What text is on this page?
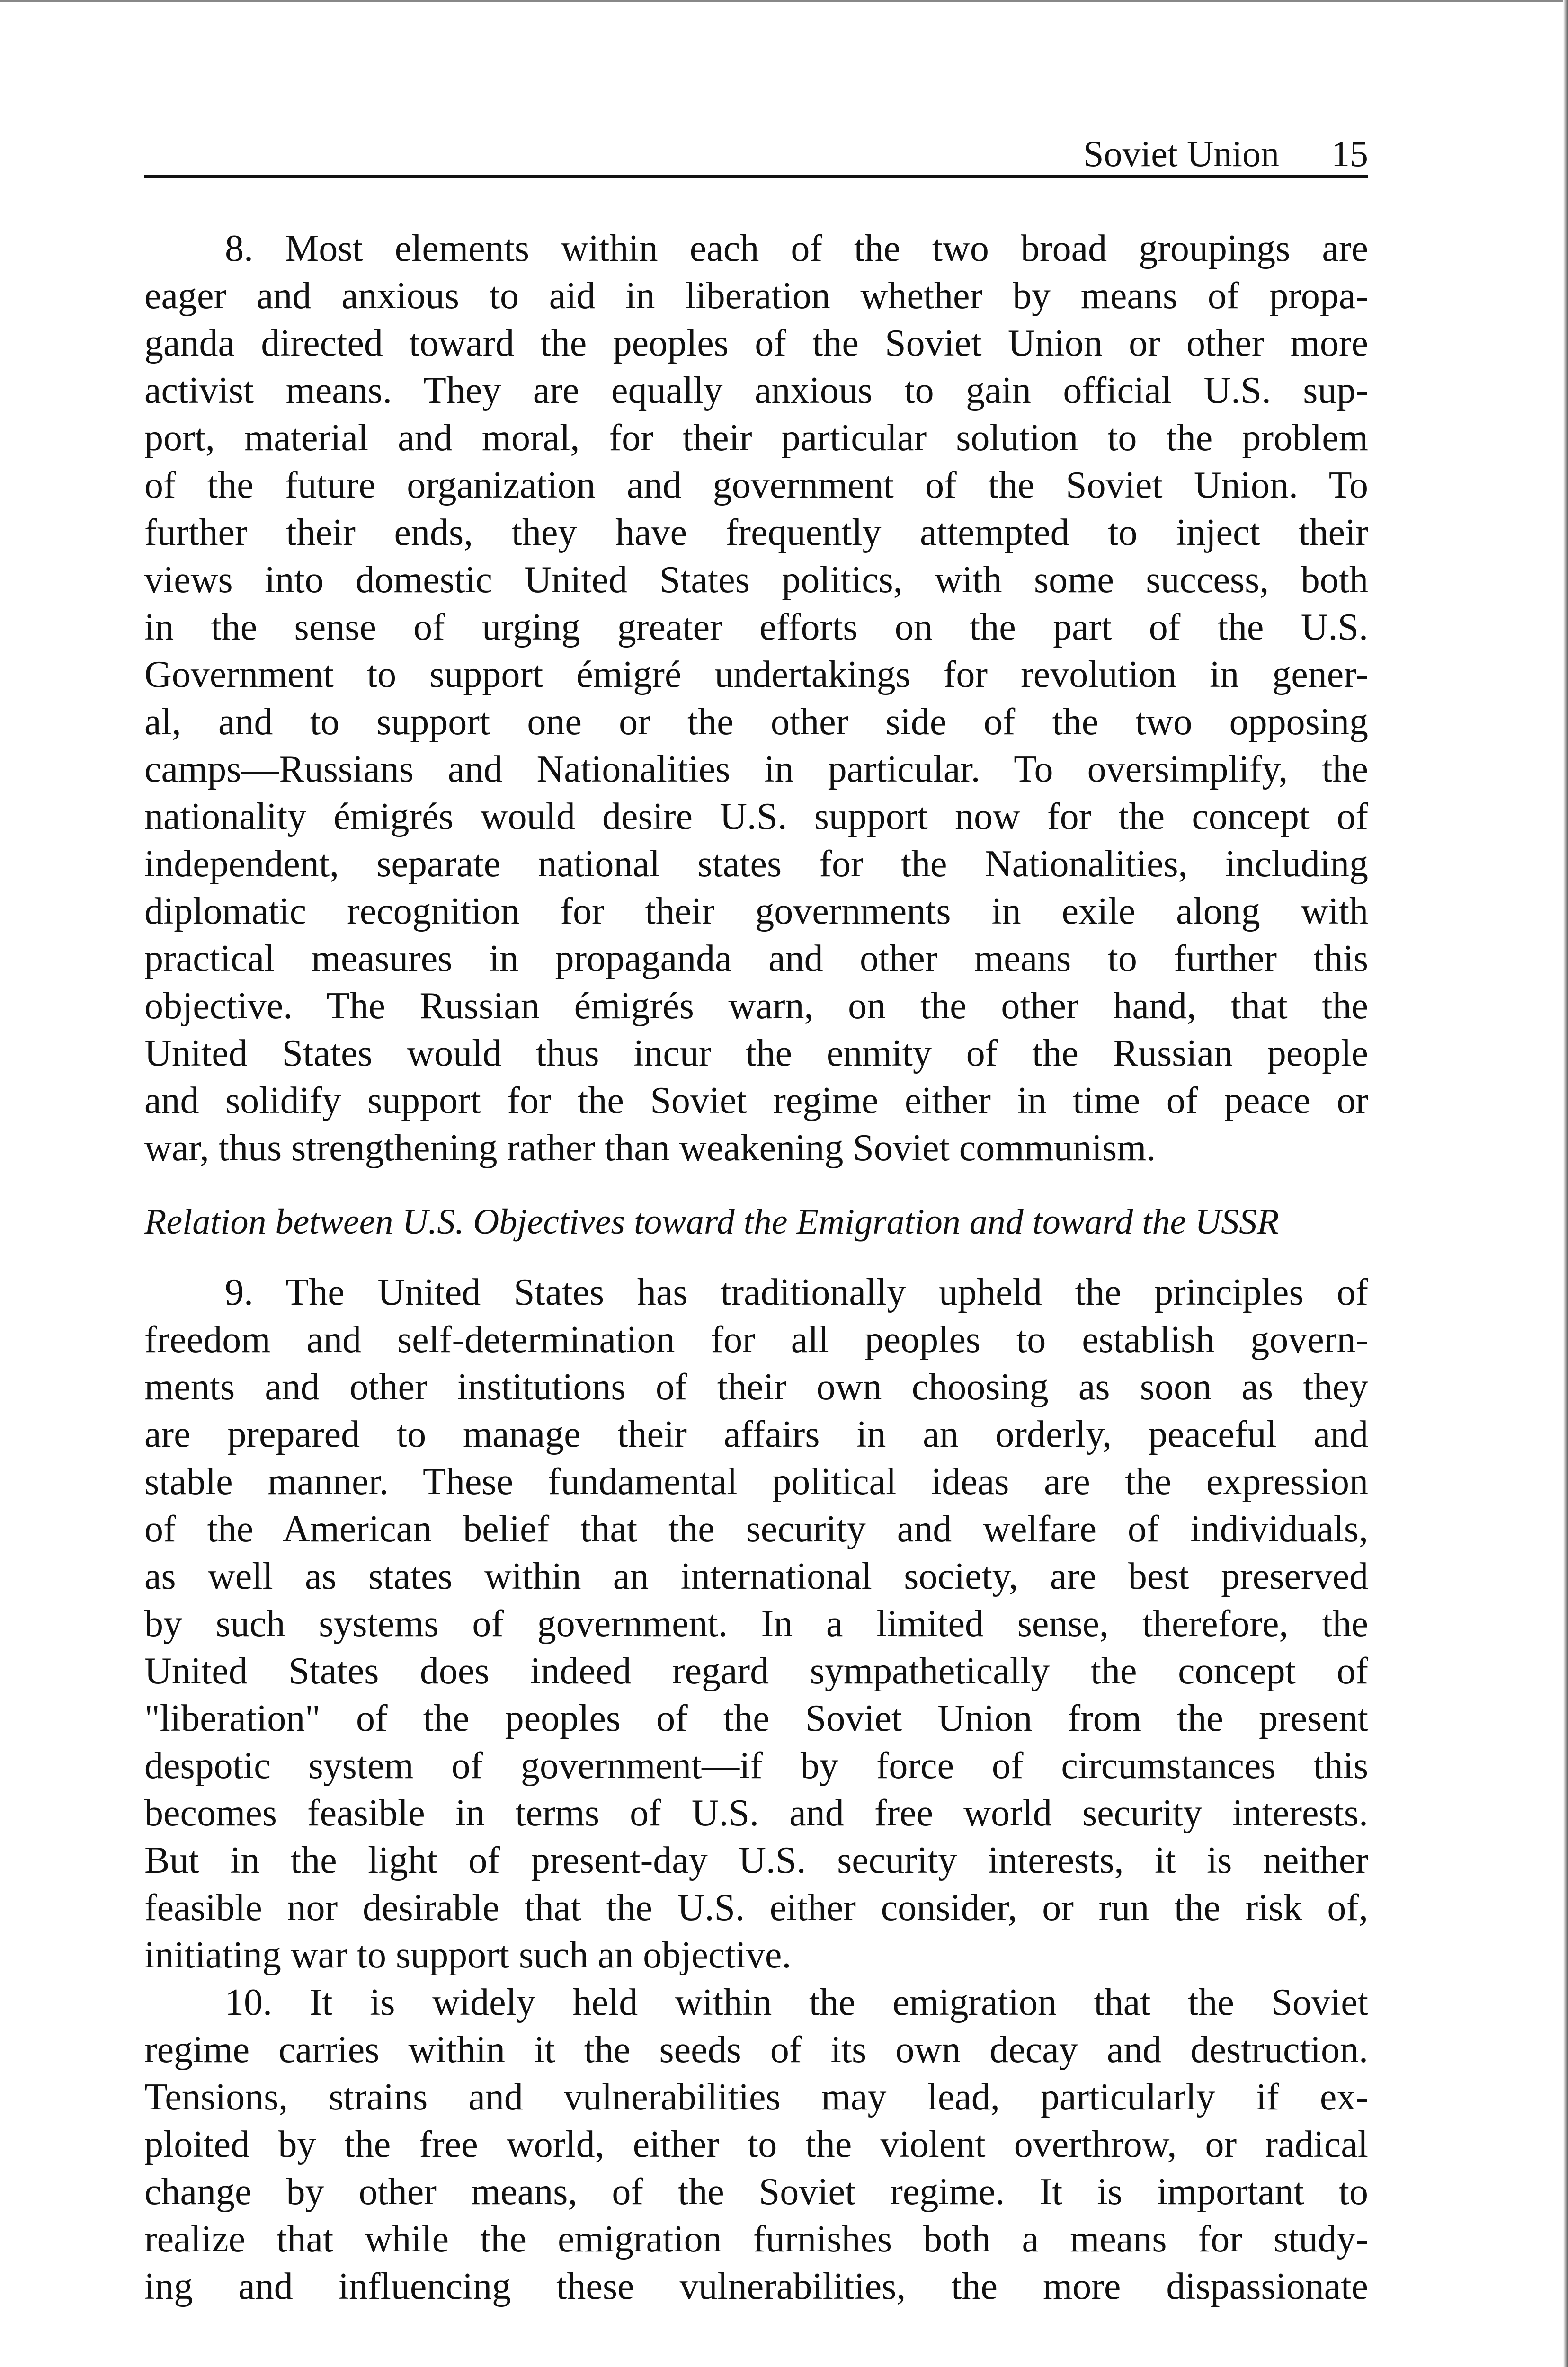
Soviet Union 15
8. Most elements within each of the two broad groupings are
eager and anxious to aid in liberation whether by means of propa-
ganda directed toward the peoples of the Soviet Union or other more
activist means. They are equally anxious to gain official U.S. sup-
port, material and moral, for their particular solution to the problem
of the future organization and government of the Soviet Union. To
further their ends, they have frequently attempted to inject their
views into domestic United States politics, with some success, both
in the sense of urging greater efforts on the part of the U.S.
Government to support émigré undertakings for revolution in gener-
al, and to support one or the other side of the two opposing
camps—Russians and Nationalities in particular. To oversimplify, the
nationality émigrés would desire U.S. support now for the concept of
independent, separate national states for the Nationalities, including
diplomatic recognition for their governments in exile along with
practical measures in propaganda and other means to further this
objective. The Russian émigrés warn, on the other hand, that the
United States would thus incur the enmity of the Russian people
and solidify support for the Soviet regime either in time of peace or
war, thus strengthening rather than weakening Soviet communism.
Relation between U.S. Objectives toward the Emigration and toward the USSR
9. The United States has traditionally upheld the principles of
freedom and self-determination for all peoples to establish govern-
ments and other institutions of their own choosing as soon as they
are prepared to manage their affairs in an orderly, peaceful and
stable manner. These fundamental political ideas are the expression
of the American belief that the security and welfare of individuals,
as well as states within an international society, are best preserved
by such systems of government. In a limited sense, therefore, the
United States does indeed regard sympathetically the concept of
"liberation" of the peoples of the Soviet Union from the present
despotic system of government—if by force of circumstances this
becomes feasible in terms of U.S. and free world security interests.
But in the light of present-day U.S. security interests, it is neither
feasible nor desirable that the U.S. either consider, or run the risk of,
initiating war to support such an objective.
10. It is widely held within the emigration that the Soviet
regime carries within it the seeds of its own decay and destruction.
Tensions, strains and vulnerabilities may lead, particularly if ex-
ploited by the free world, either to the violent overthrow, or radical
change by other means, of the Soviet regime. It is important to
realize that while the emigration furnishes both a means for study-
ing and influencing these vulnerabilities, the more dispassionate
